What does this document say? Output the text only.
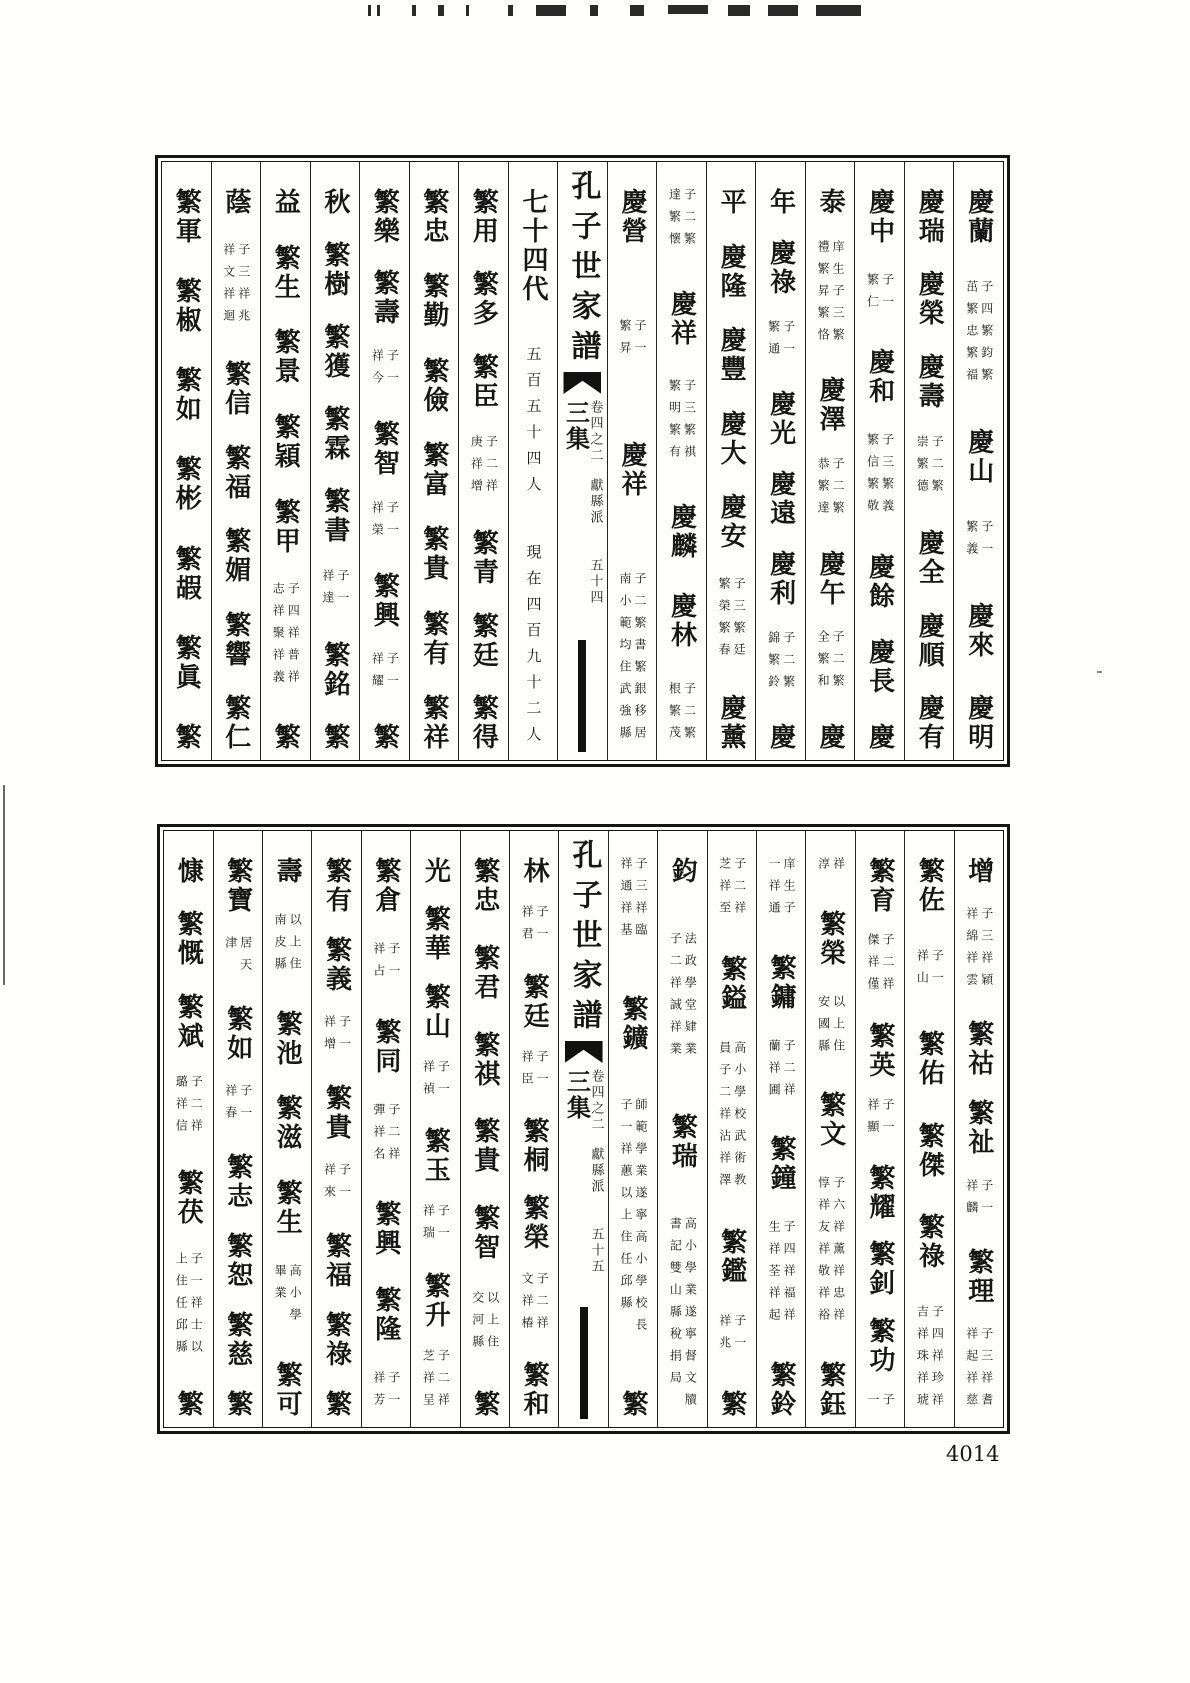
孔子世家譜
卷四之二
獻縣派
五十四
三集
慶蘭
子四繁鈞繁茁繁忠繁福
慶山
子一繁義
慶來
慶明
慶瑞
慶榮
慶壽
子二繁崇繁德
慶全
慶順
慶有
慶中
子一繁仁
慶和
子三繁義繁信繁敬
慶餘
慶長
慶
泰
庠生子三繁禮繁昇繁恪
慶澤
子二繁恭繁達
慶午
子二繁全繁和
慶
年
慶祿
子一繁通
慶光
慶遠
慶利
子二繁錦繁鈴
慶
平
慶隆
慶豐
慶大
慶安
子三繁廷繁榮繁春
慶薰
子二繁達繁懷
慶祥
子三繁祺繁明繁有
慶麟
慶林
子二繁根繁茂
慶營
子一繁昇
慶祥
子二繁書繁銀移居南小範均住武強縣
七十四代
五百五十四人
現在四百九十二人
繁用
繁多
繁臣
子二祥庚祥增
繁青
繁廷
繁得
繁忠
繁勤
繁儉
繁富
繁貴
繁有
繁祥
繁樂
繁壽
子一祥今
繁智
子一祥榮
繁興
子一祥耀
繁
秋
繁樹
繁獲
繁霖
繁書
子一祥達
繁銘
繁
益
繁生
繁景
繁穎
繁甲
子四祥普祥志祥聚祥義
繁
蔭
子三祥兆祥文祥迴
繁信
繁福
繁媚
繁響
繁仁
繁軍
繁椒
繁如
繁彬
繁嘏
繁眞
繁
孔子世家譜
卷四之二
獻縣派
五十五
三集
增
子三祥穎祥綿祥雲
繁祜
繁祉
子一祥麟
繁理
子三祥耆祥起祥慈
繁佐
子一祥山
繁佑
繁傑
繁祿
子四祥珍祥吉祥珠祥琥
繁育
子二祥傑祥僅
繁英
子一祥顯
繁耀
繁釗
繁功
子一
祥淳
繁榮
以上住安國縣
繁文
子六祥薰祥忠祥惇祥友祥敬祥裕
繁鈺
庠生子一祥通
繁鏞
子二祥蘭祥圃
繁鐘
子四祥福祥生祥荃祥起
繁鈴
子二祥芝祥至
繁鎰
高小學校武術教員子二祥沾祥澤
繁鑑
子一祥兆
繁
鈞
法政學堂肄業子二祥誠祥業
繁瑞
高小學業遂寧督文牘書記雙山縣稅捐局
子三祥臨祥通祥基
繁鑛
師範學業遂寧高小學校長子一祥蕙以上住任邱縣
繁
林
子一祥君
繁廷
子一祥臣
繁桐
繁榮
子二祥文祥椿
繁和
繁忠
繁君
繁祺
繁貴
繁智
以上住交河縣
繁
光
繁華
繁山
子一祥禎
繁玉
子一祥瑞
繁升
子二祥芝祥呈
繁倉
子一祥占
繁同
子二祥彈祥名
繁興
繁隆
子一祥芳
繁有
繁義
子一祥增
繁貴
子一祥來
繁福
繁祿
繁
壽
以上住南皮縣
繁池
繁滋
繁生
高小學畢業
繁可
繁寶
居天津
繁如
子一祥春
繁志
繁恕
繁慈
繁
慷
繁慨
繁斌
子二祥璐祥信
繁茯
子一祥士以上住任邱縣
繁
4014
